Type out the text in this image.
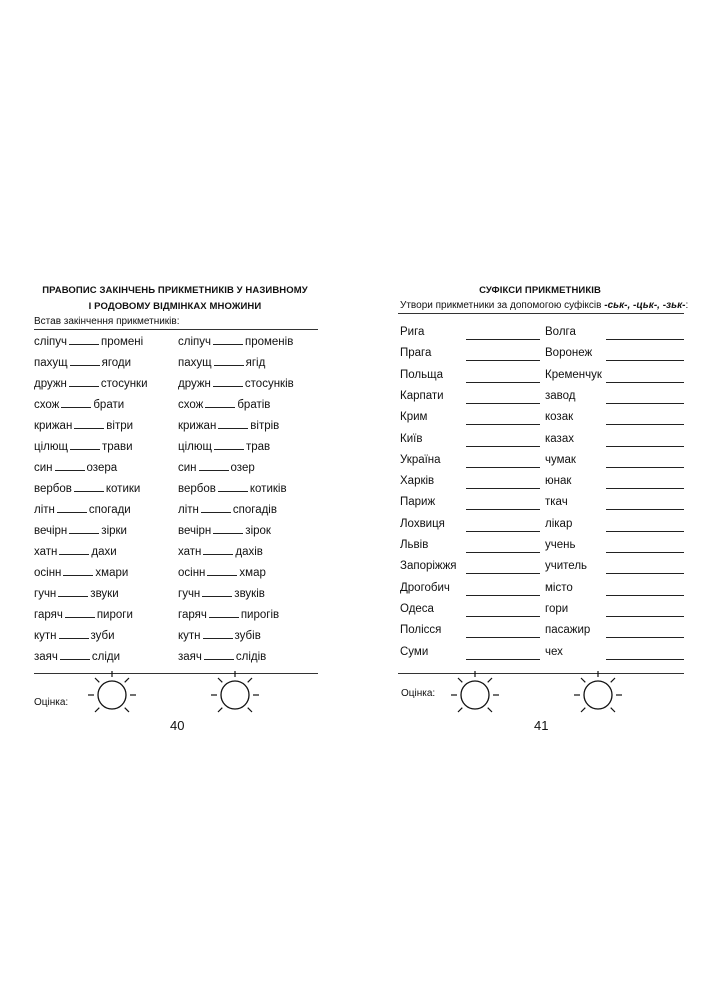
ПРАВОПИС ЗАКІНЧЕНЬ ПРИКМЕТНИКІВ У НАЗИВНОМУ
І РОДОВОМУ ВІДМІНКАХ МНОЖИНИ
Встав закінчення прикметників:
сліпуч	промені	сліпуч	променів
пахущ	ягоди	пахущ	ягід
дружн	стосунки	дружн	стосунків
схож	брати	схож	братів
крижан	вітри	крижан	вітрів
цілющ	трави	цілющ	трав
син	озера	син	озер
вербов	котики	вербов	котиків
літн	спогади	літн	спогадів
вечірн	зірки	вечірн	зірок
хатн	дахи	хатн	дахів
осінн	хмари	осінн	хмар
гучн	звуки	гучн	звуків
гаряч	пироги	гаряч	пирогів
кутн	зуби	кутн	зубів
заяч	сліди	заяч	слідів
Оцінка:
40
СУФІКСИ ПРИКМЕТНИКІВ
Утвори прикметники за допомогою суфіксів -ськ-, -цьк-, -зьк-:
Рига	Волга
Прага	Воронеж
Польща	Кременчук
Карпати	завод
Крим	козак
Київ	казах
Україна	чумак
Харків	юнак
Париж	ткач
Лохвиця	лікар
Львів	учень
Запоріжжя	учитель
Дрогобич	місто
Одеса	гори
Полісся	пасажир
Суми	чех
Оцінка:
41
